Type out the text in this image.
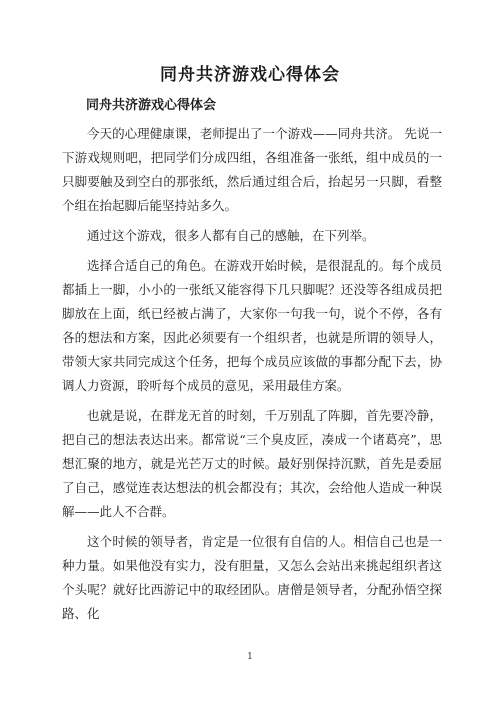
同舟共济游戏心得体会
同舟共济游戏心得体会

今天的心理健康课，老师提出了一个游戏——同舟共济。 先说一下游戏规则吧，把同学们分成四组，各组准备一张纸，组中成员的一只脚要触及到空白的那张纸，然后通过组合后，抬起另一只脚，看整个组在抬起脚后能坚持站多久。

通过这个游戏，很多人都有自己的感触，在下列举。

选择合适自己的角色。在游戏开始时候，是很混乱的。每个成员都插上一脚，小小的一张纸又能容得下几只脚呢？还没等各组成员把脚放在上面，纸已经被占满了，大家你一句我一句，说个不停，各有各的想法和方案，因此必须要有一个组织者，也就是所谓的领导人，带领大家共同完成这个任务，把每个成员应该做的事都分配下去，协调人力资源，聆听每个成员的意见，采用最佳方案。

也就是说，在群龙无首的时刻，千万别乱了阵脚，首先要冷静，把自己的想法表达出来。都常说“三个臭皮匠，凑成一个诸葛亮”，思想汇聚的地方，就是光芒万丈的时候。最好别保持沉默，首先是委屈了自己，感觉连表达想法的机会都没有；其次，会给他人造成一种误解——此人不合群。

这个时候的领导者，肯定是一位很有自信的人。相信自己也是一种力量。如果他没有实力，没有胆量，又怎么会站出来挑起组织者这个头呢？就好比西游记中的取经团队。唐僧是领导者，分配孙悟空探路、化

1
